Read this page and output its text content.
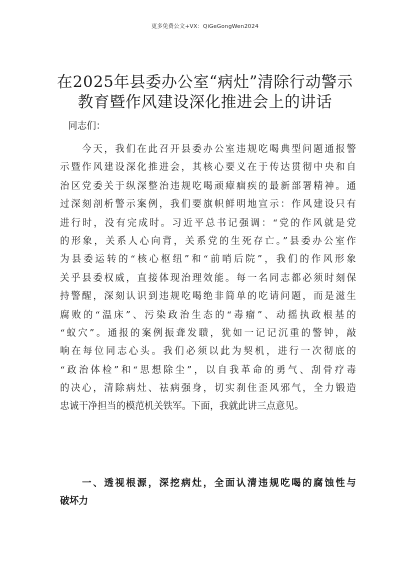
更多免费公文+VX：QiGeGongWen2024
在2025年县委办公室“病灶”清除行动警示
教育暨作风建设深化推进会上的讲话
同志们：
　　今天，我们在此召开县委办公室违规吃喝典型问题通报警
示暨作风建设深化推进会，其核心要义在于传达贯彻中央和自
治区党委关于纵深整治违规吃喝顽瘴痼疾的最新部署精神。通
过深刻剖析警示案例，我们要旗帜鲜明地宣示：作风建设只有
进行时，没有完成时。习近平总书记强调：“党的作风就是党
的形象，关系人心向背，关系党的生死存亡。”县委办公室作
为县委运转的“核心枢纽”和“前哨后院”，我们的作风形象
关乎县委权威，直接体现治理效能。每一名同志都必须时刻保
持警醒，深刻认识到违规吃喝绝非简单的吃请问题，而是滋生
腐败的“温床”、污染政治生态的“毒瘤”、动摇执政根基的
“蚁穴”。通报的案例振聋发聩，犹如一记记沉重的警钟，敲
响在每位同志心头。我们必须以此为契机，进行一次彻底的
“政治体检”和“思想除尘”，以自我革命的勇气、刮骨疗毒
的决心，清除病灶、祛病强身，切实刹住歪风邪气，全力锻造
忠诚干净担当的模范机关铁军。下面，我就此讲三点意见。
　　一、透视根源，深挖病灶，全面认清违规吃喝的腐蚀性与
破坏力
